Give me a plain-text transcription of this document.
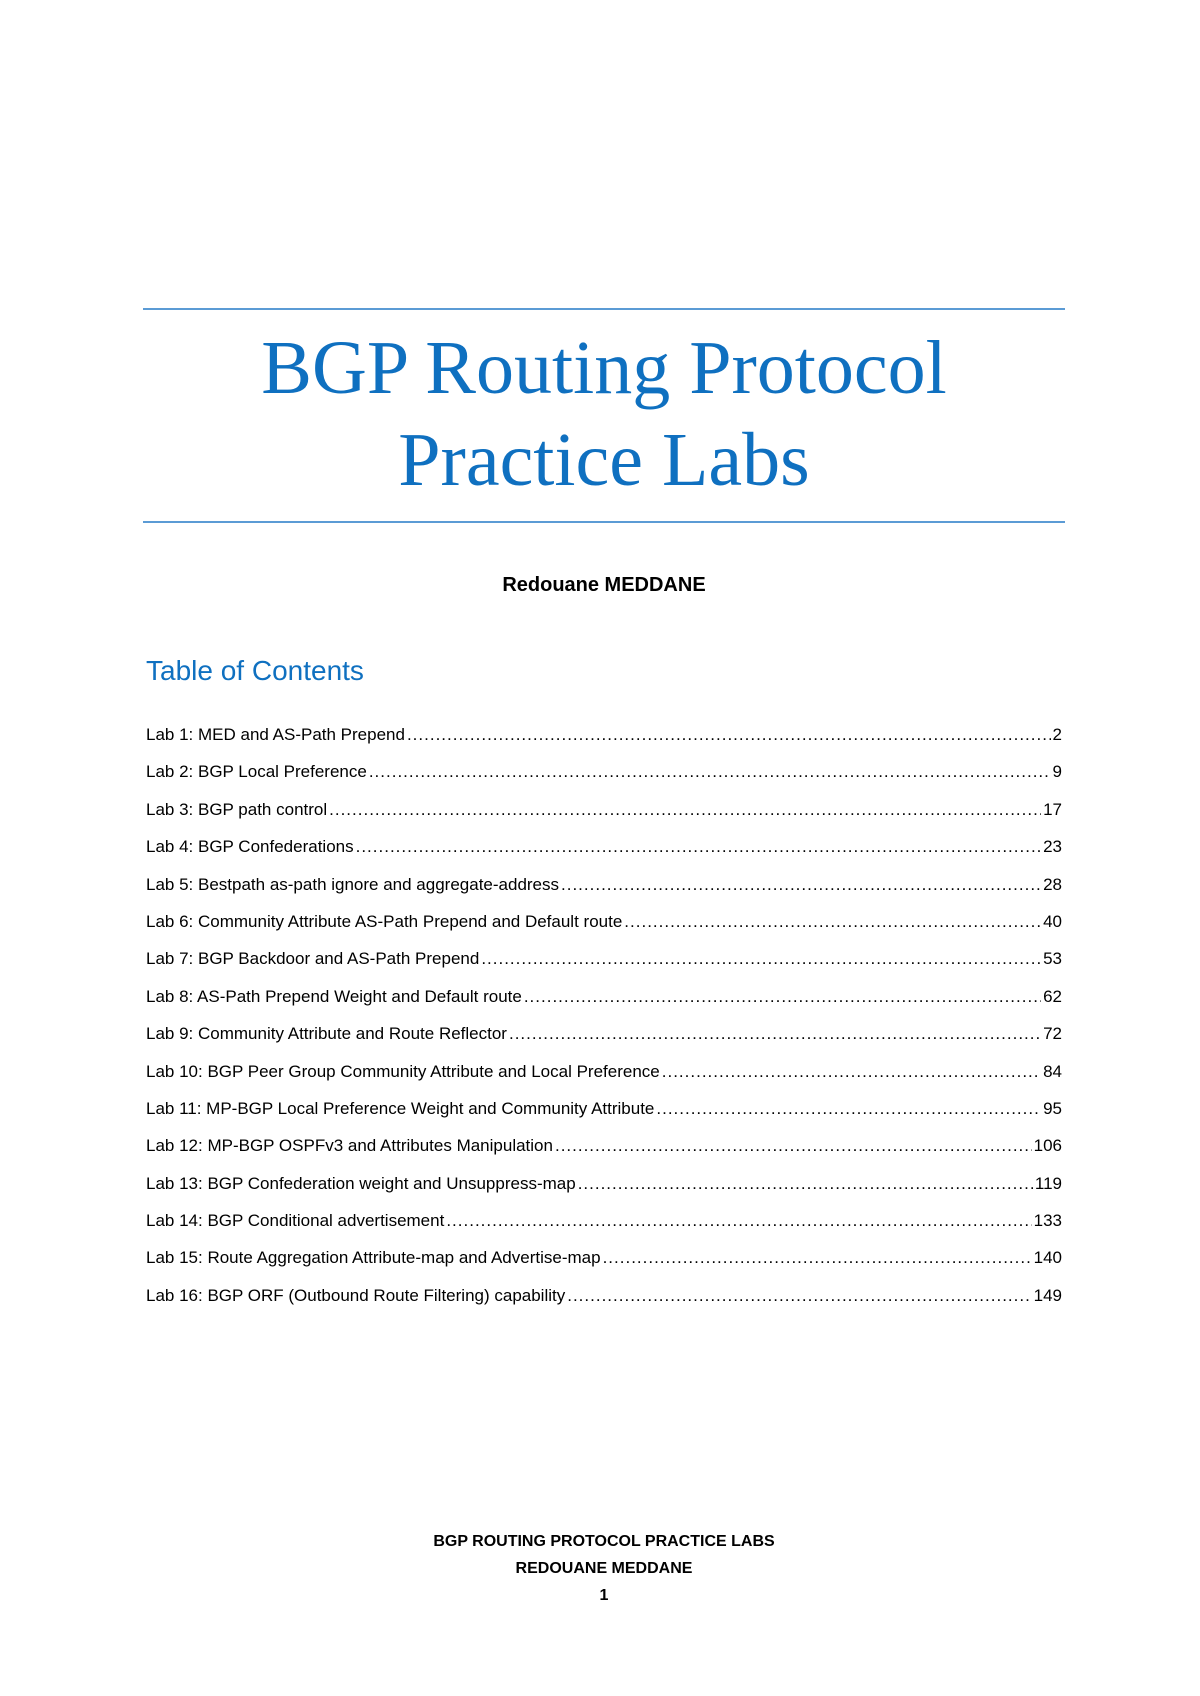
BGP Routing Protocol
Practice Labs
Redouane MEDDANE
Table of Contents
Lab 1: MED and AS-Path Prepend .....	2
Lab 2: BGP Local Preference .....	9
Lab 3: BGP path control .....	17
Lab 4: BGP Confederations .....	23
Lab 5: Bestpath as-path ignore and aggregate-address .....	28
Lab 6: Community Attribute AS-Path Prepend and Default route .....	40
Lab 7: BGP Backdoor and AS-Path Prepend .....	53
Lab 8: AS-Path Prepend Weight and Default route .....	62
Lab 9: Community Attribute and Route Reflector .....	72
Lab 10: BGP Peer Group Community Attribute and Local Preference .....	84
Lab 11: MP-BGP Local Preference Weight and Community Attribute .....	95
Lab 12: MP-BGP OSPFv3 and Attributes Manipulation .....	106
Lab 13: BGP Confederation weight and Unsuppress-map .....	119
Lab 14: BGP Conditional advertisement .....	133
Lab 15: Route Aggregation Attribute-map and Advertise-map .....	140
Lab 16: BGP ORF (Outbound Route Filtering) capability .....	149
BGP ROUTING PROTOCOL PRACTICE LABS
REDOUANE MEDDANE
1
